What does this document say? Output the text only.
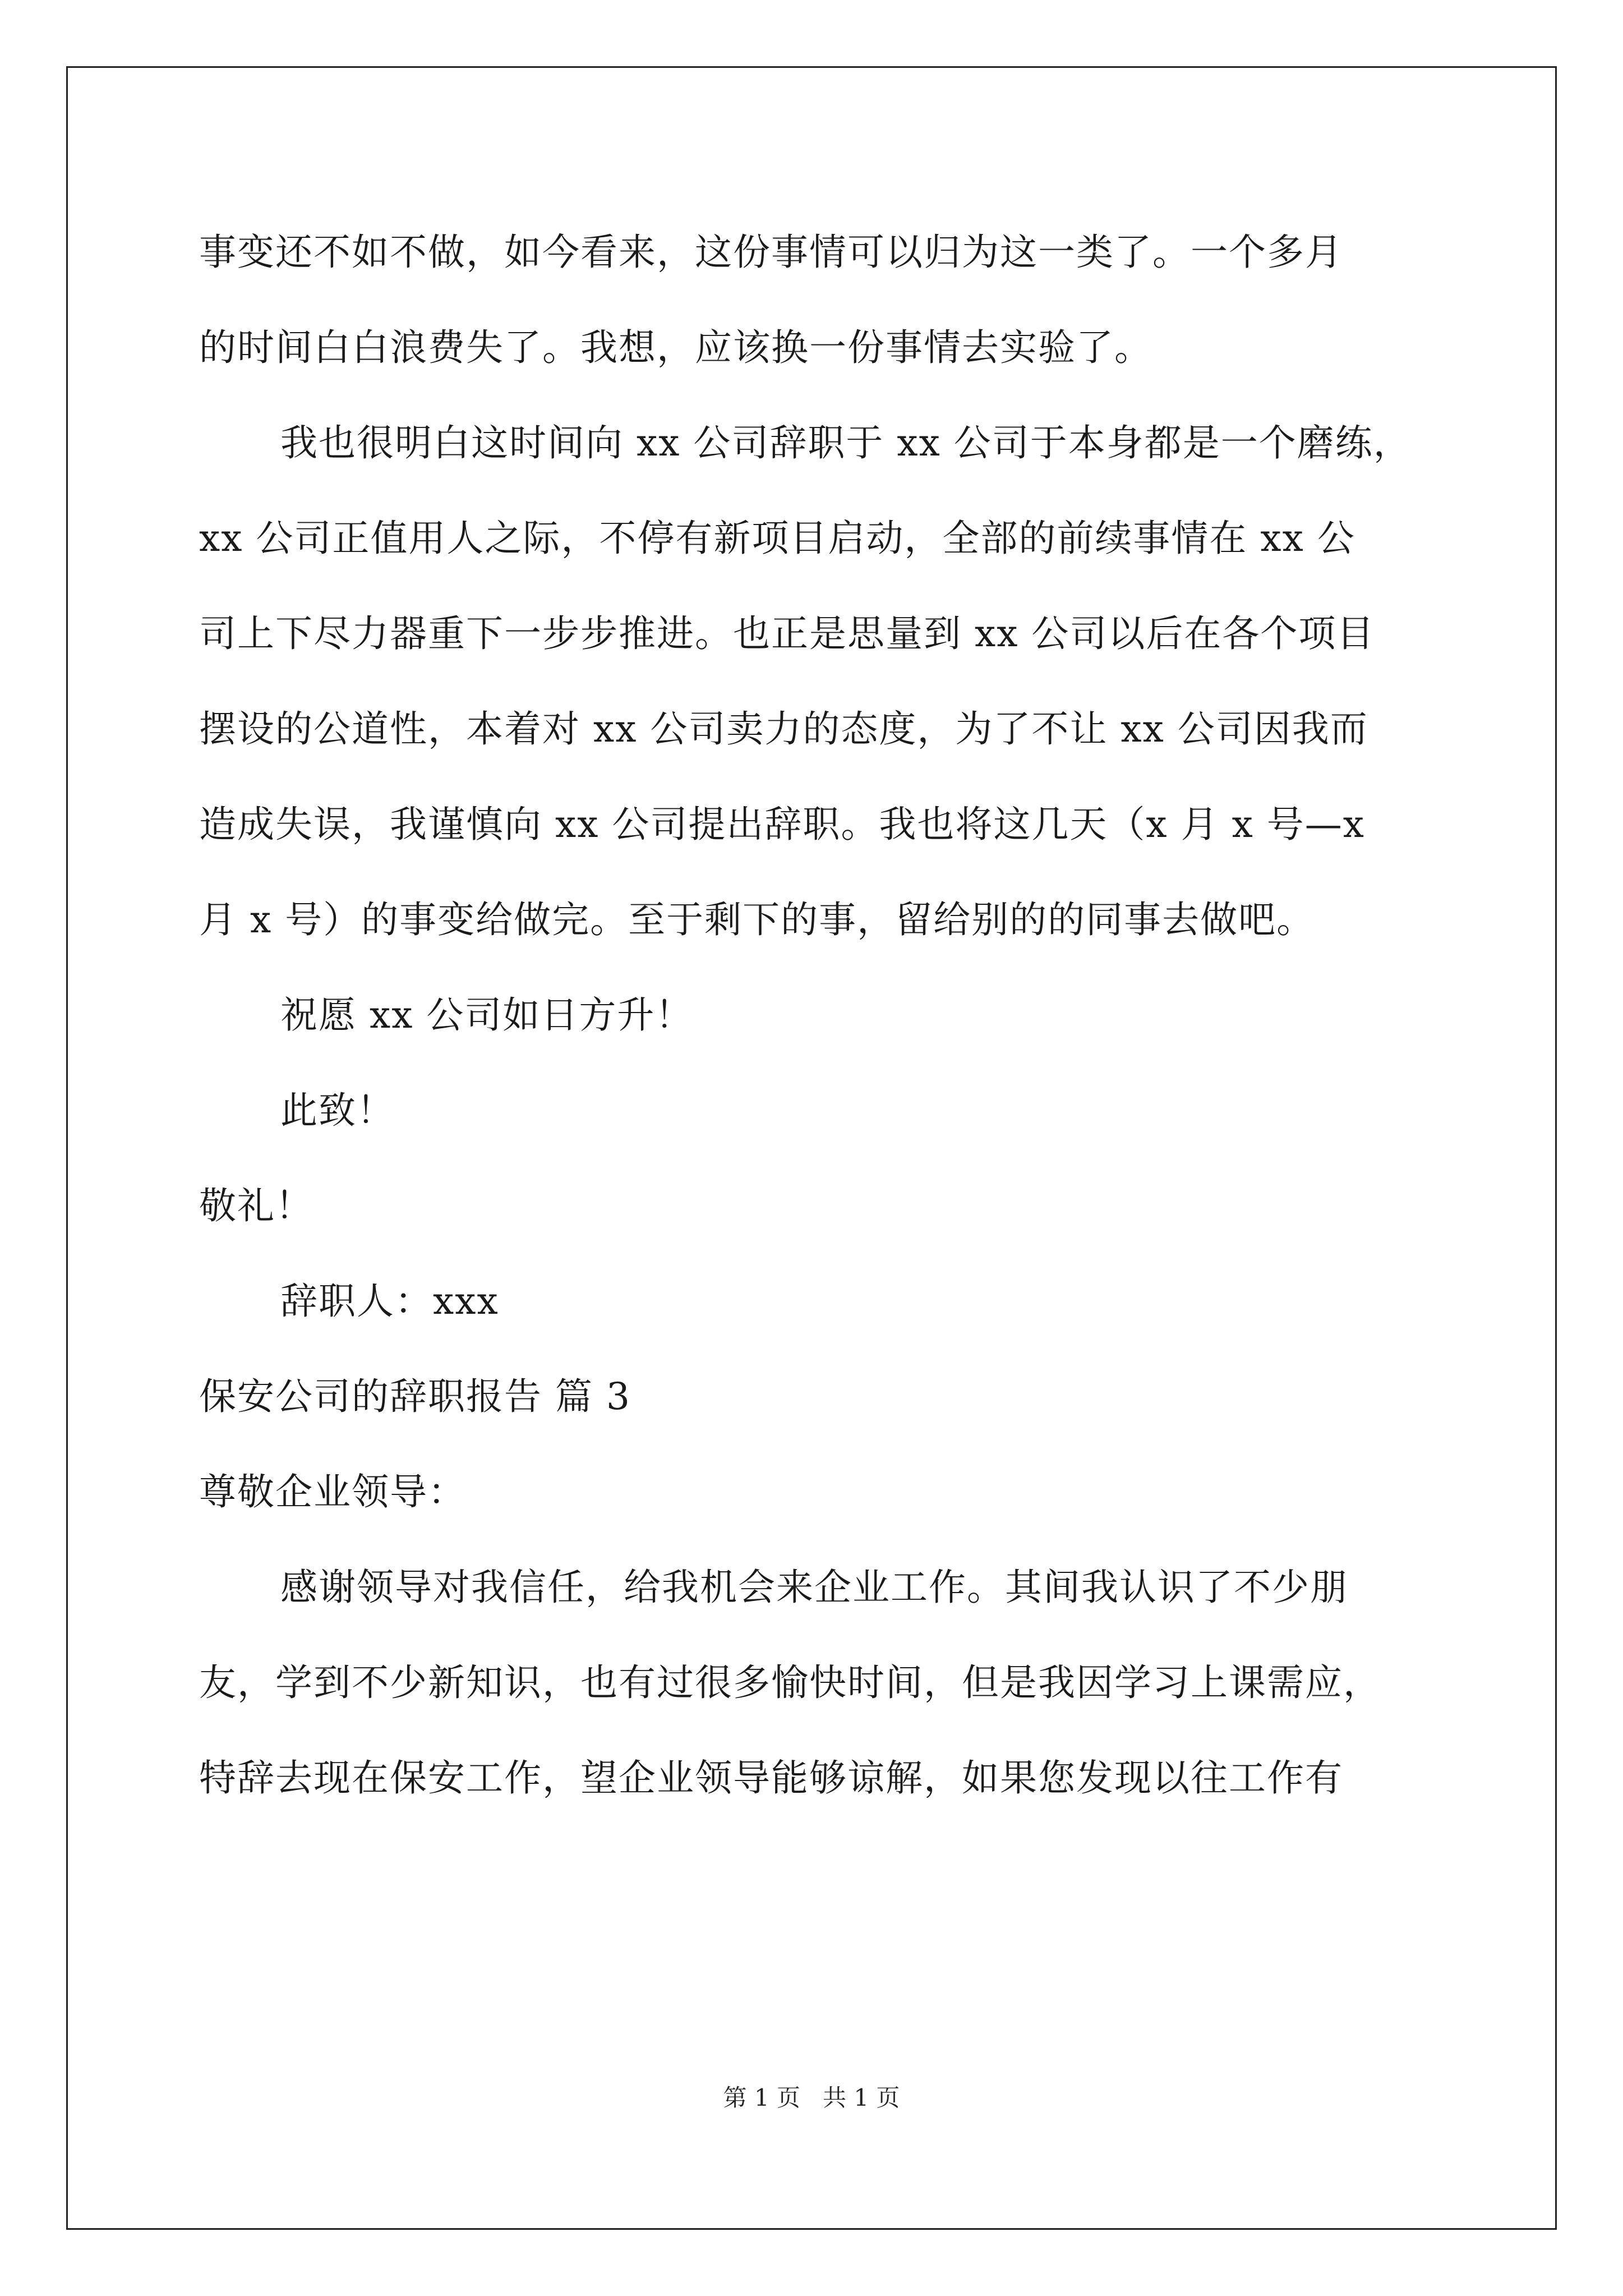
事变还不如不做，如今看来，这份事情可以归为这一类了。一个多月
的时间白白浪费失了。我想，应该换一份事情去实验了。
我也很明白这时间向 xx 公司辞职于 xx 公司于本身都是一个磨练，
xx 公司正值用人之际，不停有新项目启动，全部的前续事情在 xx 公
司上下尽力器重下一步步推进。也正是思量到 xx 公司以后在各个项目
摆设的公道性，本着对 xx 公司卖力的态度，为了不让 xx 公司因我而
造成失误，我谨慎向 xx 公司提出辞职。我也将这几天（x 月 x 号—x
月 x 号）的事变给做完。至于剩下的事，留给别的的同事去做吧。
祝愿 xx 公司如日方升！
此致！
敬礼！
辞职人：xxx
保安公司的辞职报告 篇 3
尊敬企业领导：
感谢领导对我信任，给我机会来企业工作。其间我认识了不少朋
友，学到不少新知识，也有过很多愉快时间，但是我因学习上课需应，
特辞去现在保安工作，望企业领导能够谅解，如果您发现以往工作有
第 1 页 共 1 页
